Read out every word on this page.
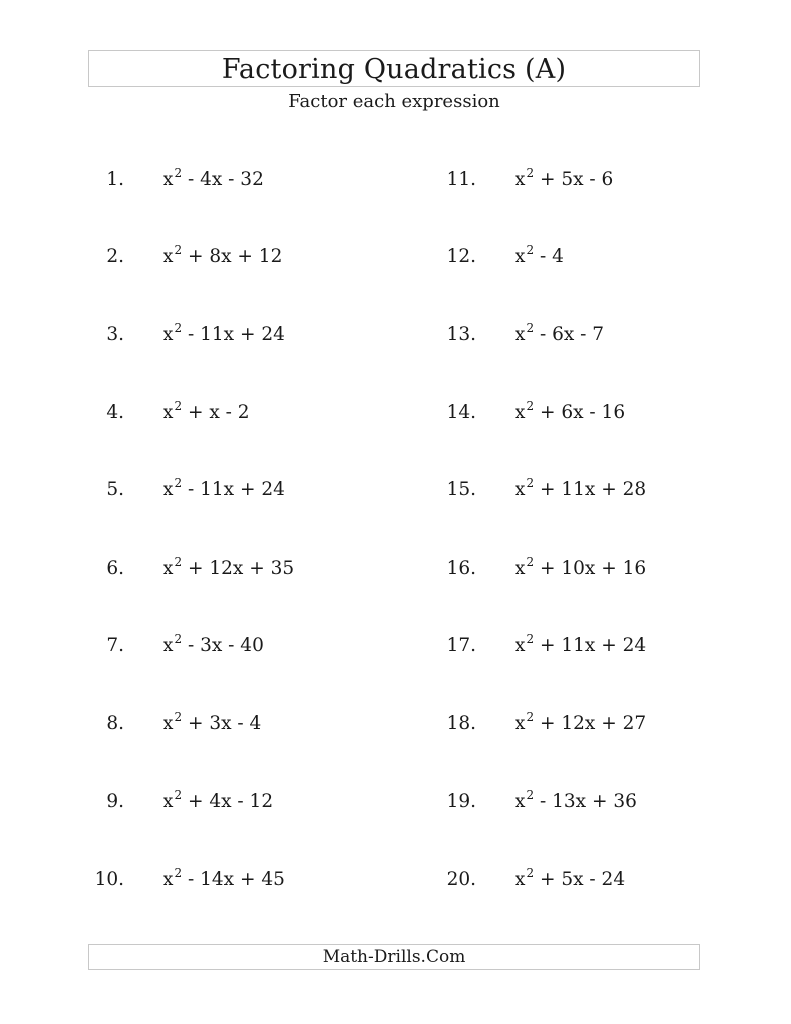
Factoring Quadratics (A)
Factor each expression
1. $x^2 - 4x - 32$
2. $x^2 + 8x + 12$
3. $x^2 - 11x + 24$
4. $x^2 + x - 2$
5. $x^2 - 11x + 24$
6. $x^2 + 12x + 35$
7. $x^2 - 3x - 40$
8. $x^2 + 3x - 4$
9. $x^2 + 4x - 12$
10. $x^2 - 14x + 45$
11. $x^2 + 5x - 6$
12. $x^2 - 4$
13. $x^2 - 6x - 7$
14. $x^2 + 6x - 16$
15. $x^2 + 11x + 28$
16. $x^2 + 10x + 16$
17. $x^2 + 11x + 24$
18. $x^2 + 12x + 27$
19. $x^2 - 13x + 36$
20. $x^2 + 5x - 24$
Math-Drills.Com
